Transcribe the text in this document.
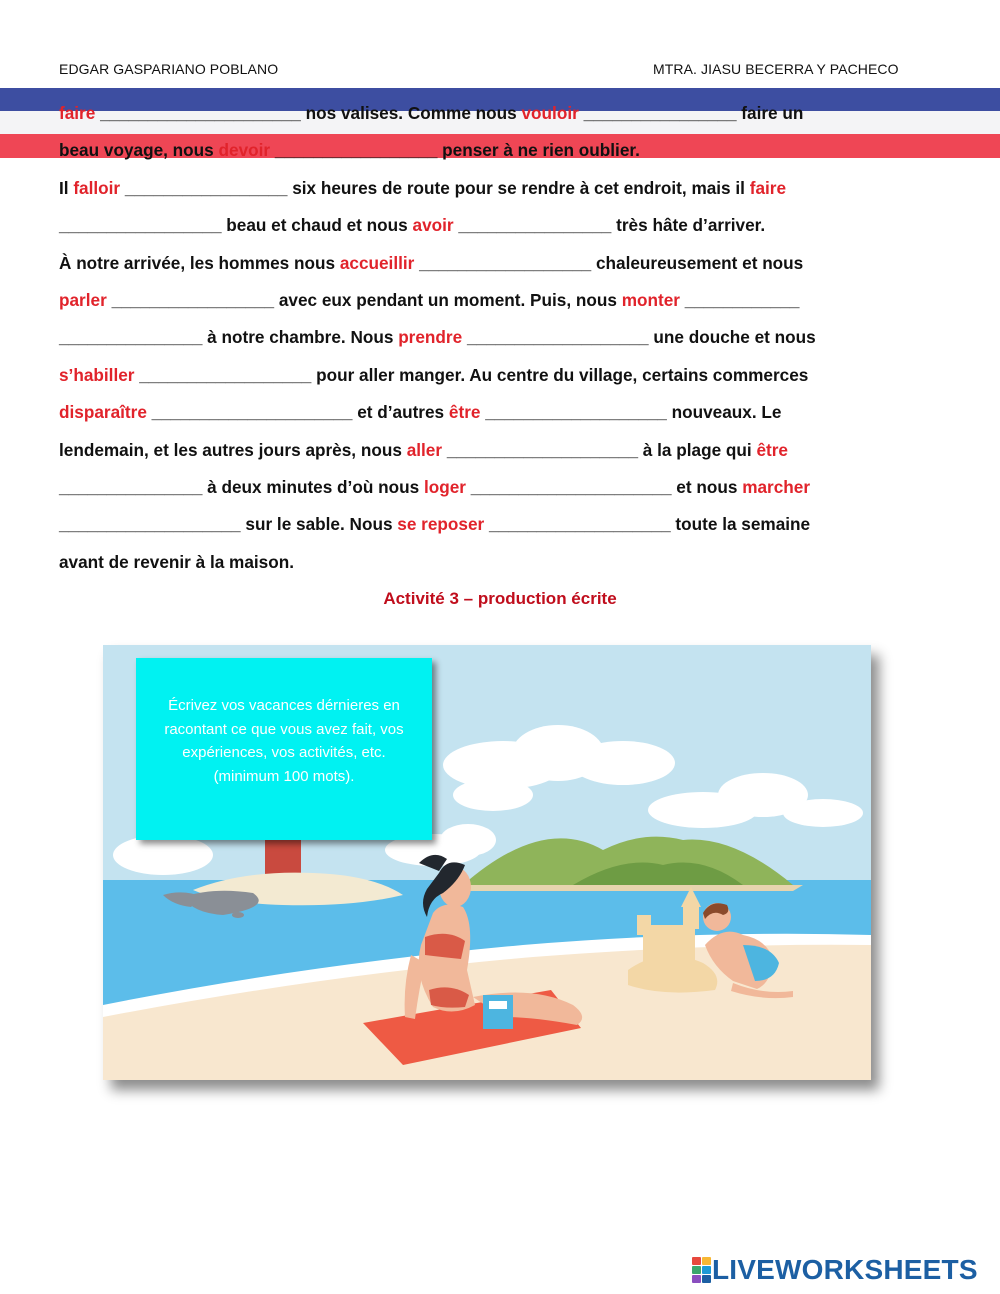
EDGAR GASPARIANO POBLANO	MTRA. JIASU BECERRA Y PACHECO
faire _____________________ nos valises. Comme nous vouloir ________________ faire un
beau voyage, nous devoir _________________ penser à ne rien oublier.
Il falloir _________________ six heures de route pour se rendre à cet endroit, mais il faire
_________________ beau et chaud et nous avoir ________________ très hâte d’arriver.
À notre arrivée, les hommes nous accueillir __________________ chaleureusement et nous
parler _________________ avec eux pendant un moment. Puis, nous monter ____________
_______________ à notre chambre. Nous prendre ___________________ une douche et nous
s’habiller __________________ pour aller manger. Au centre du village, certains commerces
disparaître _____________________ et d’autres être ___________________ nouveaux. Le
lendemain, et les autres jours après, nous aller ____________________ à la plage qui être
_______________ à deux minutes d’où nous loger _____________________ et nous marcher
___________________ sur le sable. Nous se reposer ___________________ toute la semaine
avant de revenir à la maison.
Activité 3 – production écrite
Écrivez vos vacances dérnieres en racontant ce que vous avez fait, vos expériences, vos activités, etc. (minimum 100 mots).
LIVEWORKSHEETS
